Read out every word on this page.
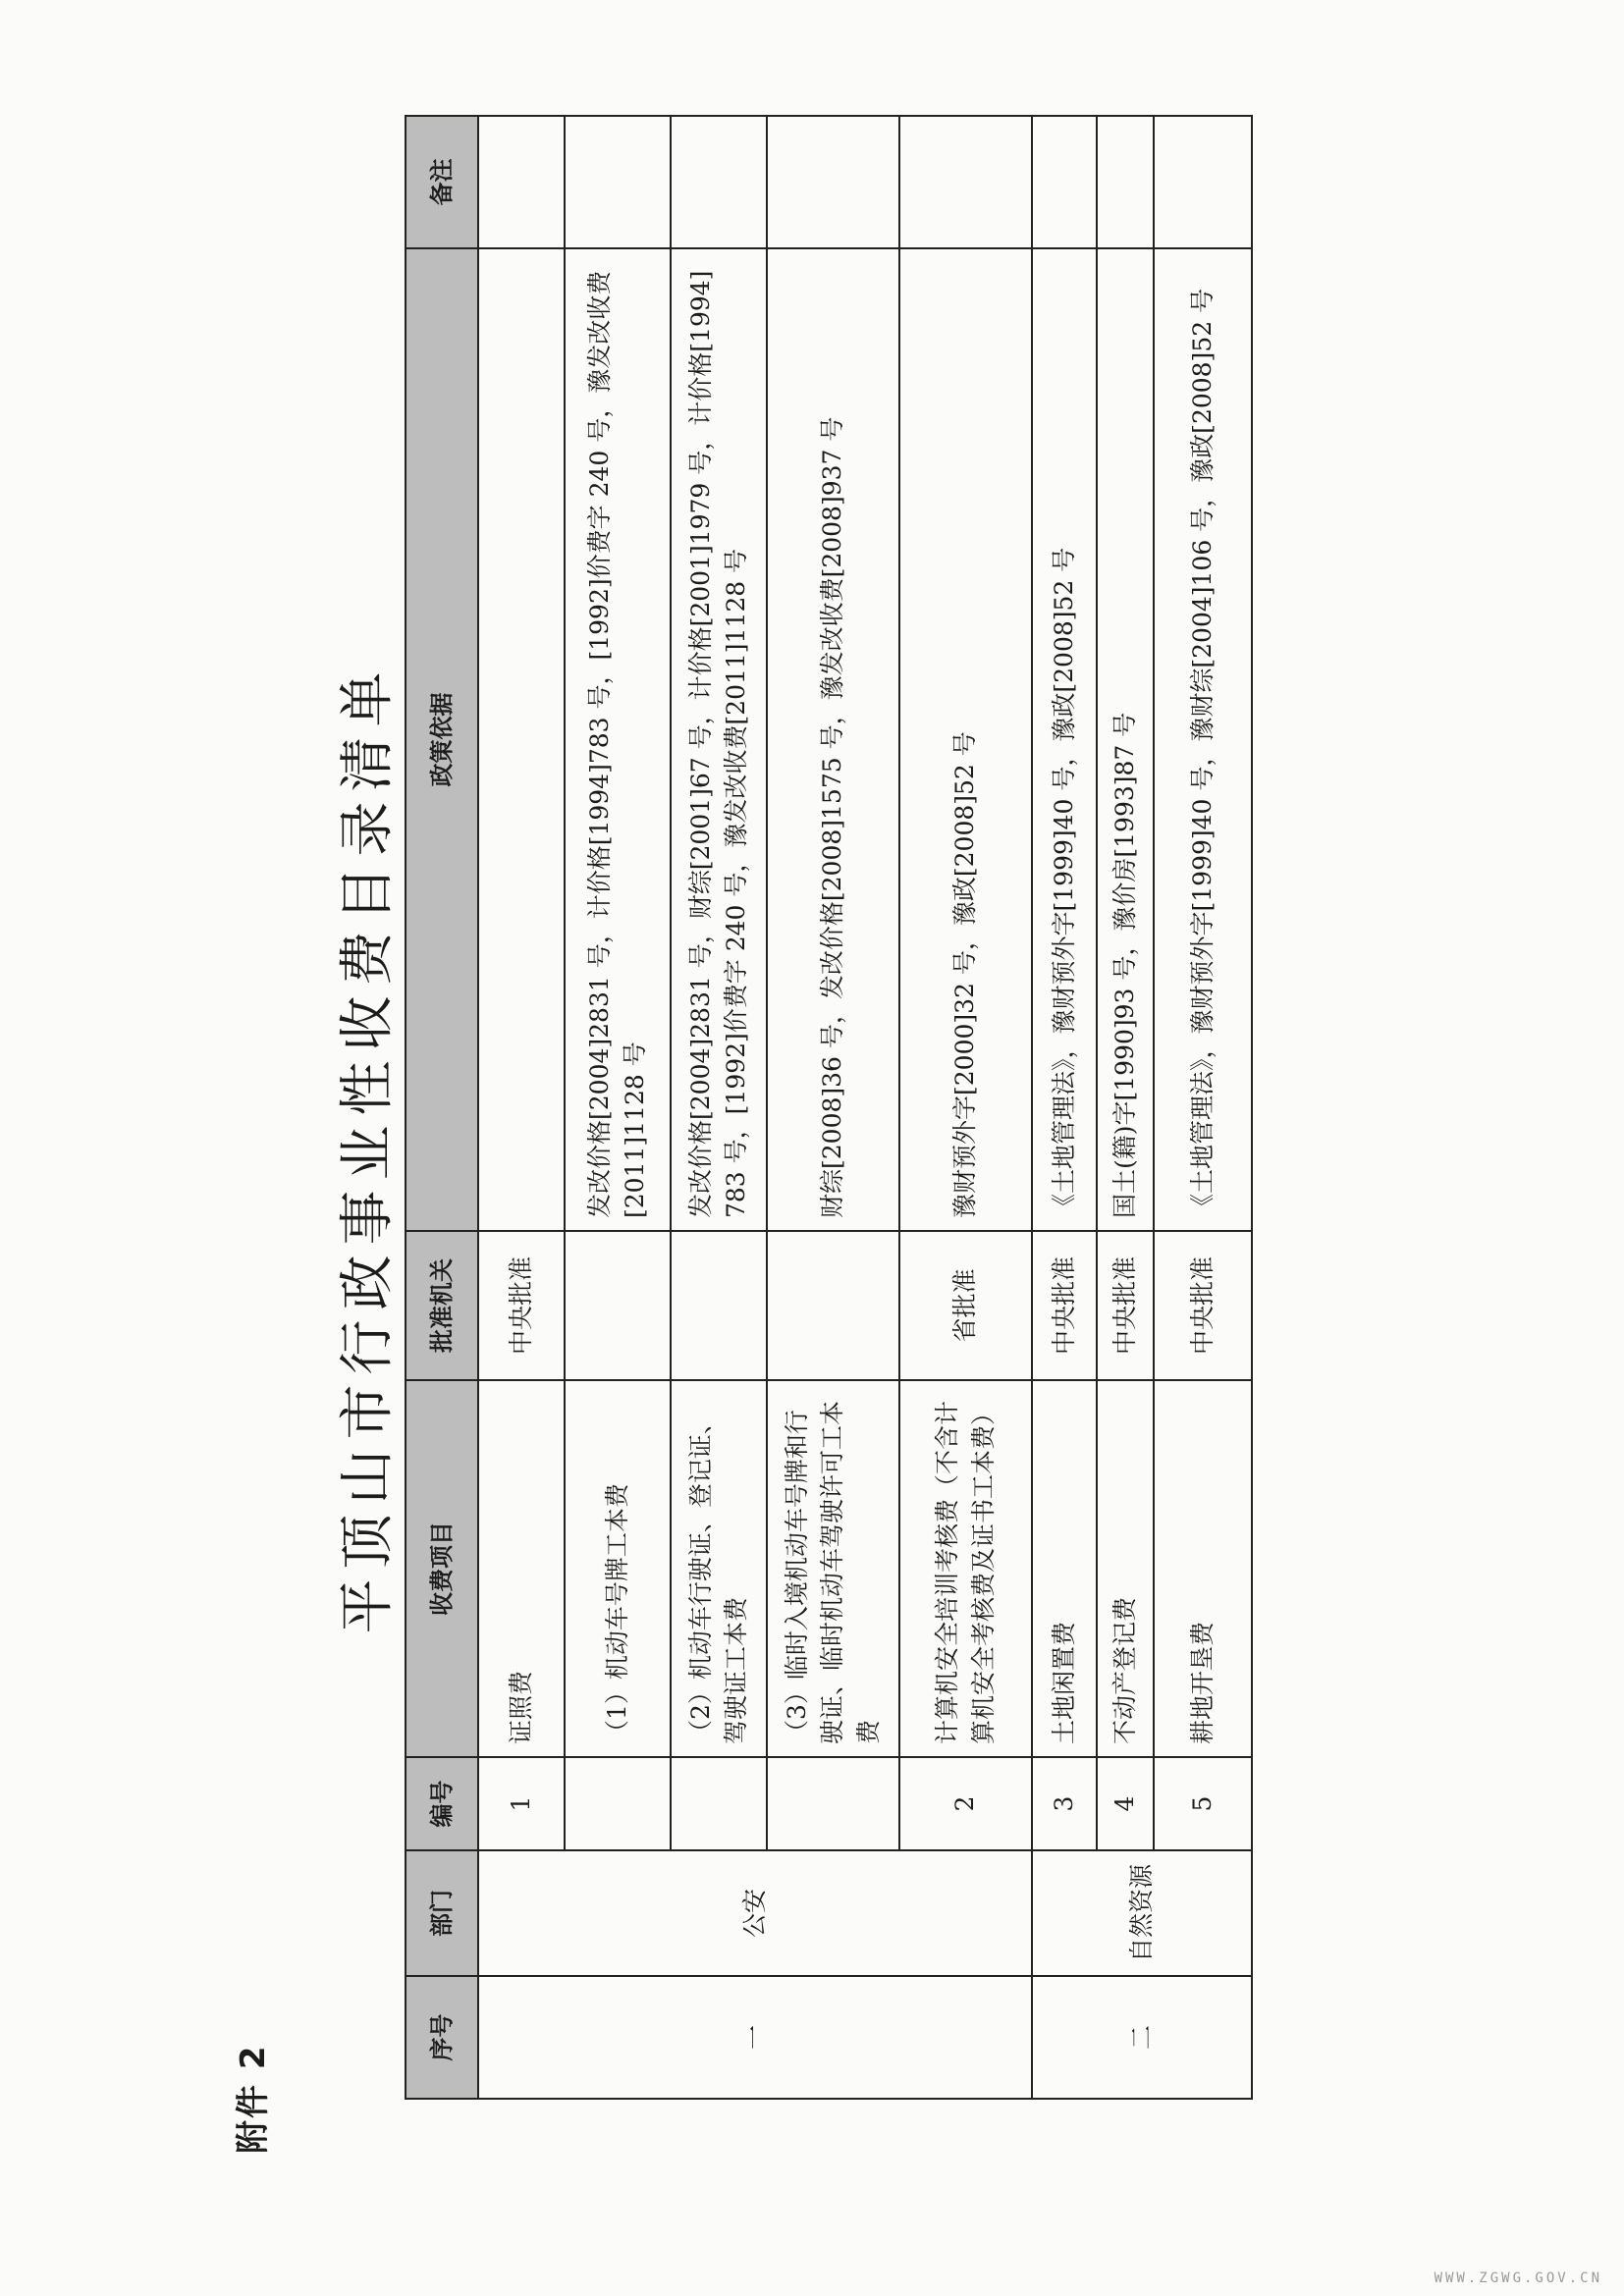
附件 2
平顶山市行政事业性收费目录清单
序号	部门	编号	收费项目	批准机关	政策依据	备注
一	公安	1	证照费	中央批准		
			（1）机动车号牌工本费		发改价格[2004]2831 号，计价格[1994]783 号，[1992]价费字 240 号，豫发改收费[2011]1128 号	
			（2）机动车行驶证、登记证、驾驶证工本费		发改价格[2004]2831 号，财综[2001]67 号，计价格[2001]1979 号，计价格[1994]783 号，[1992]价费字 240 号，豫发改收费[2011]1128 号	
			（3）临时入境机动车号牌和行驶证、临时机动车驾驶许可工本费		财综[2008]36 号，发改价格[2008]1575 号，豫发改收费[2008]937 号	
		2	计算机安全培训考核费（不含计算机安全考核费及证书工本费）	省批准	豫财预外字[2000]32 号，豫政[2008]52 号	
二	自然资源	3	土地闲置费	中央批准	《土地管理法》，豫财预外字[1999]40 号，豫政[2008]52 号	
		4	不动产登记费	中央批准	国土(籍)字[1990]93 号，豫价房[1993]87 号	
		5	耕地开垦费	中央批准	《土地管理法》，豫财预外字[1999]40 号，豫财综[2004]106 号，豫政[2008]52 号	
WWW.ZGWG.GOV.CN
